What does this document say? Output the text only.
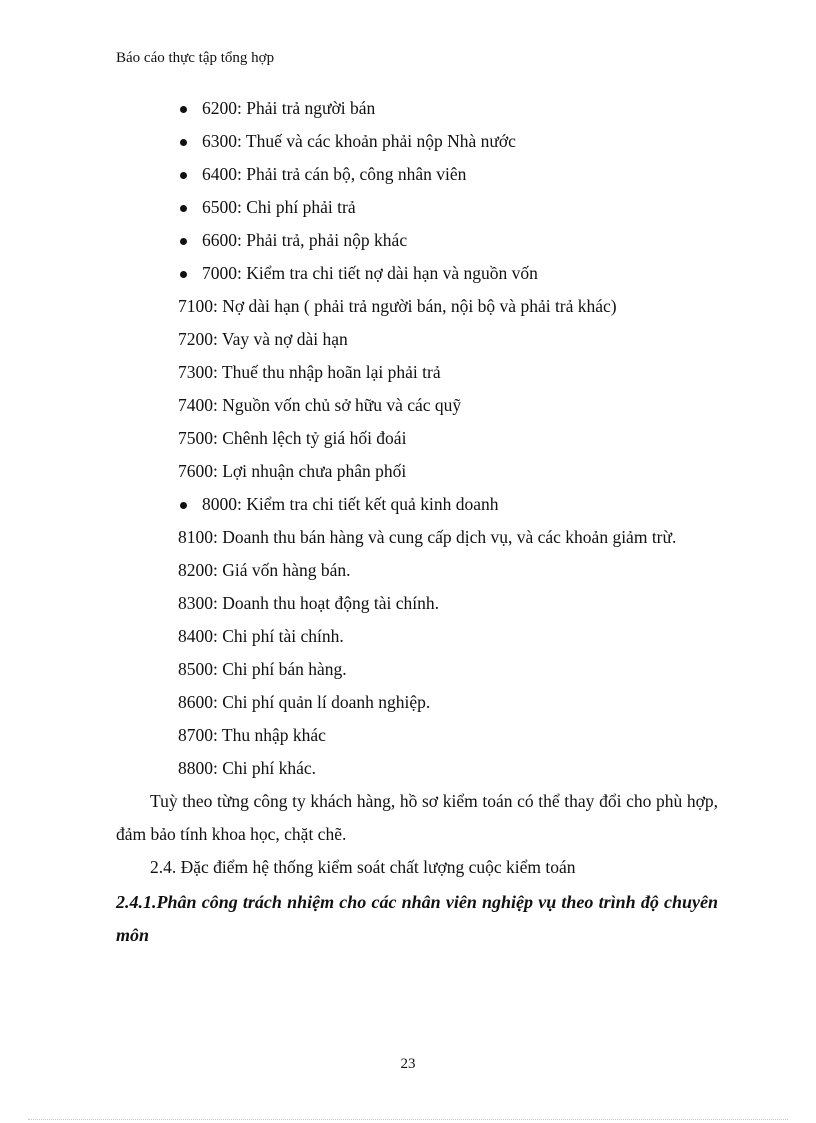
Báo cáo thực tập tổng hợp
6200: Phải trả người bán
6300: Thuế và các khoản phải nộp Nhà nước
6400: Phải trả cán bộ, công nhân viên
6500: Chi phí phải trả
6600: Phải trả, phải nộp khác
7000: Kiểm tra chi tiết nợ dài hạn và nguồn vốn
7100: Nợ dài hạn ( phải trả người bán, nội bộ và phải trả khác)
7200: Vay và nợ dài hạn
7300: Thuế thu nhập hoãn lại phải trả
7400: Nguồn vốn chủ sở hữu và các quỹ
7500: Chênh lệch tỷ giá hối đoái
7600: Lợi nhuận chưa phân phối
8000: Kiểm tra chi tiết kết quả kinh doanh
8100: Doanh thu bán hàng và cung cấp dịch vụ, và các khoản giảm trừ.
8200: Giá vốn hàng bán.
8300: Doanh thu hoạt động tài chính.
8400: Chi phí tài chính.
8500: Chi phí bán hàng.
8600: Chi phí quản lí doanh nghiệp.
8700: Thu nhập khác
8800: Chi phí khác.
Tuỳ theo từng công ty khách hàng, hồ sơ kiểm toán có thể thay đổi cho phù hợp, đảm bảo tính khoa học, chặt chẽ.
2.4. Đặc điểm hệ thống kiểm soát chất lượng cuộc kiểm toán
2.4.1.Phân công trách nhiệm cho các nhân viên nghiệp vụ theo trình độ chuyên môn
23
